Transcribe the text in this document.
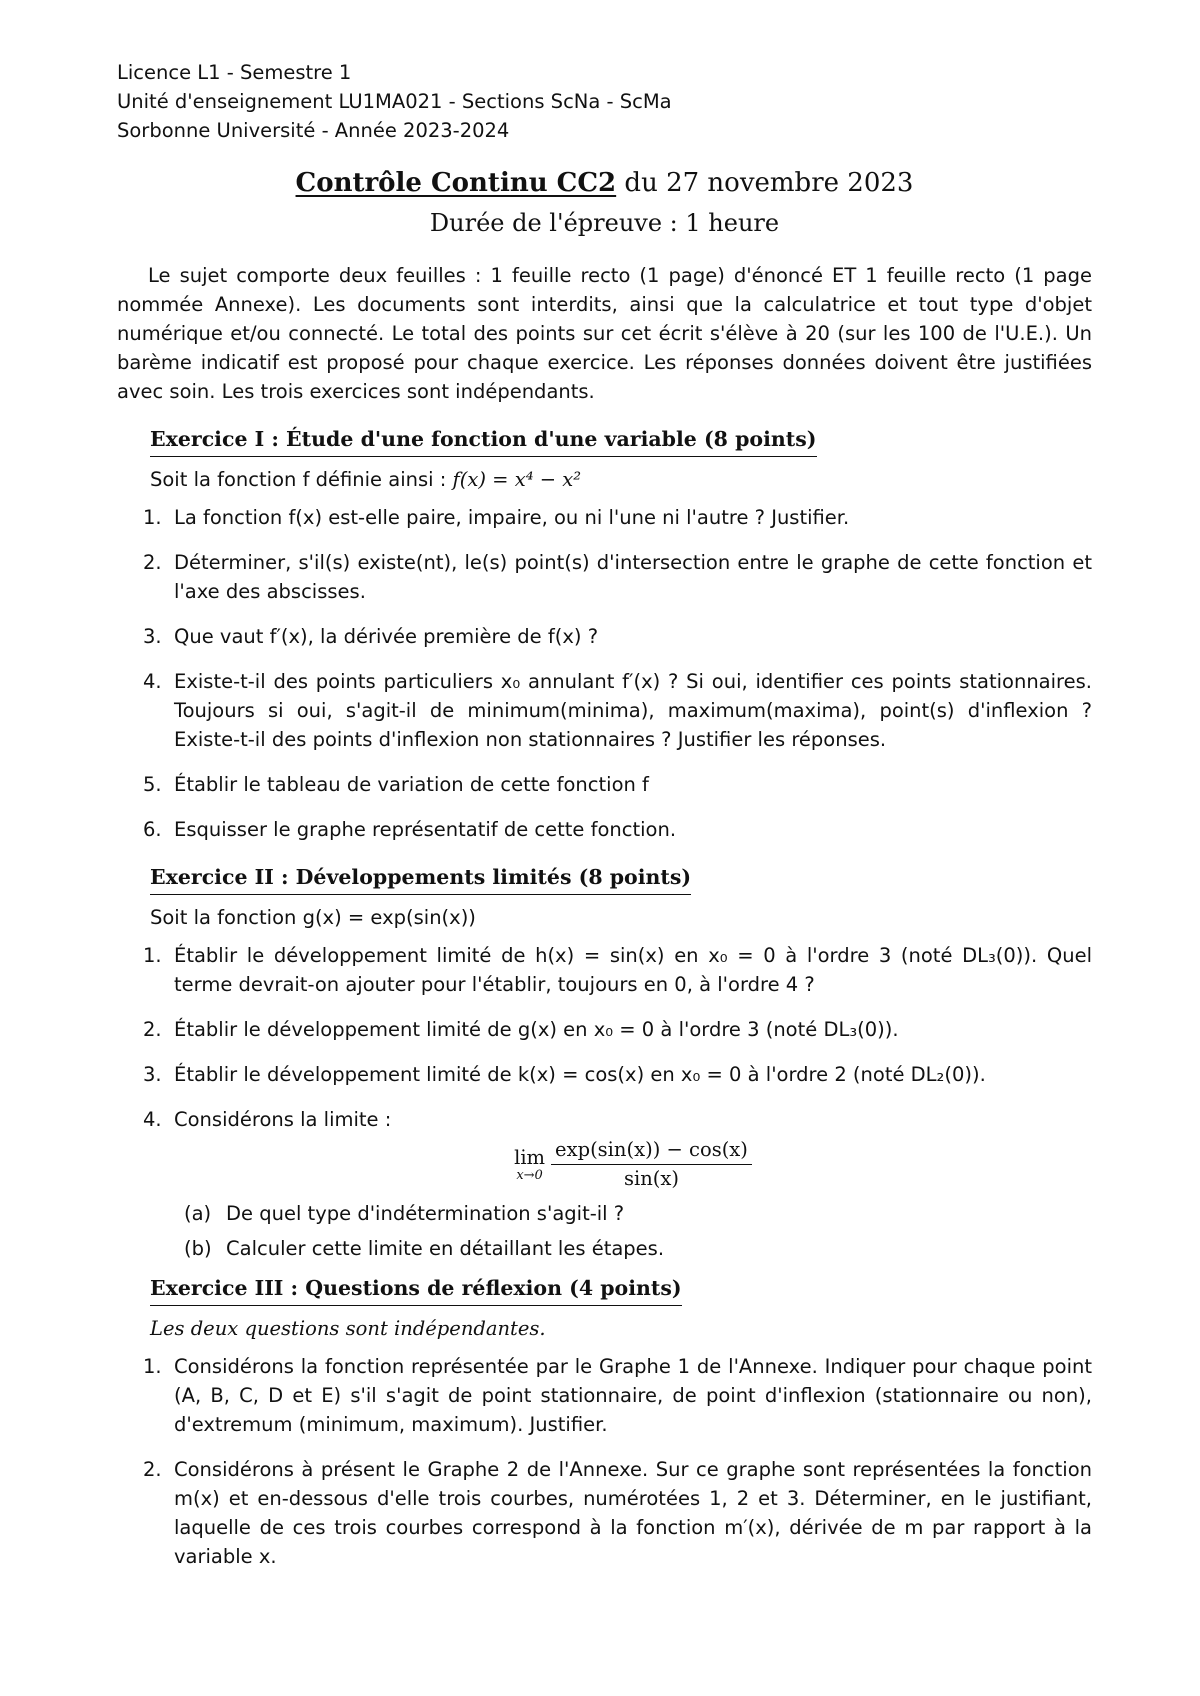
Licence L1 - Semestre 1
Unité d'enseignement LU1MA021 - Sections ScNa - ScMa
Sorbonne Université - Année 2023-2024
Contrôle Continu CC2 du 27 novembre 2023
Durée de l'épreuve : 1 heure
Le sujet comporte deux feuilles : 1 feuille recto (1 page) d'énoncé ET 1 feuille recto (1 page nommée Annexe). Les documents sont interdits, ainsi que la calculatrice et tout type d'objet numérique et/ou connecté. Le total des points sur cet écrit s'élève à 20 (sur les 100 de l'U.E.). Un barème indicatif est proposé pour chaque exercice. Les réponses données doivent être justifiées avec soin. Les trois exercices sont indépendants.
Exercice I : Étude d'une fonction d'une variable (8 points)
Soit la fonction f définie ainsi : f(x) = x⁴ − x²
1. La fonction f(x) est-elle paire, impaire, ou ni l'une ni l'autre ? Justifier.
2. Déterminer, s'il(s) existe(nt), le(s) point(s) d'intersection entre le graphe de cette fonction et l'axe des abscisses.
3. Que vaut f′(x), la dérivée première de f(x) ?
4. Existe-t-il des points particuliers x₀ annulant f′(x) ? Si oui, identifier ces points stationnaires. Toujours si oui, s'agit-il de minimum(minima), maximum(maxima), point(s) d'inflexion ? Existe-t-il des points d'inflexion non stationnaires ? Justifier les réponses.
5. Établir le tableau de variation de cette fonction f
6. Esquisser le graphe représentatif de cette fonction.
Exercice II : Développements limités (8 points)
Soit la fonction g(x) = exp(sin(x))
1. Établir le développement limité de h(x) = sin(x) en x₀ = 0 à l'ordre 3 (noté DL₃(0)). Quel terme devrait-on ajouter pour l'établir, toujours en 0, à l'ordre 4 ?
2. Établir le développement limité de g(x) en x₀ = 0 à l'ordre 3 (noté DL₃(0)).
3. Établir le développement limité de k(x) = cos(x) en x₀ = 0 à l'ordre 2 (noté DL₂(0)).
4. Considérons la limite :
lim
$x\to 0 \frac{\exp(\sin(x)) - \cos(x)}{\sin(x)}$
(a) De quel type d'indétermination s'agit-il ?
(b) Calculer cette limite en détaillant les étapes.
Exercice III : Questions de réflexion (4 points)
Les deux questions sont indépendantes.
1. Considérons la fonction représentée par le Graphe 1 de l'Annexe. Indiquer pour chaque point (A, B, C, D et E) s'il s'agit de point stationnaire, de point d'inflexion (stationnaire ou non), d'extremum (minimum, maximum). Justifier.
2. Considérons à présent le Graphe 2 de l'Annexe. Sur ce graphe sont représentées la fonction m(x) et en-dessous d'elle trois courbes, numérotées 1, 2 et 3. Déterminer, en le justifiant, laquelle de ces trois courbes correspond à la fonction m′(x), dérivée de m par rapport à la variable x.
